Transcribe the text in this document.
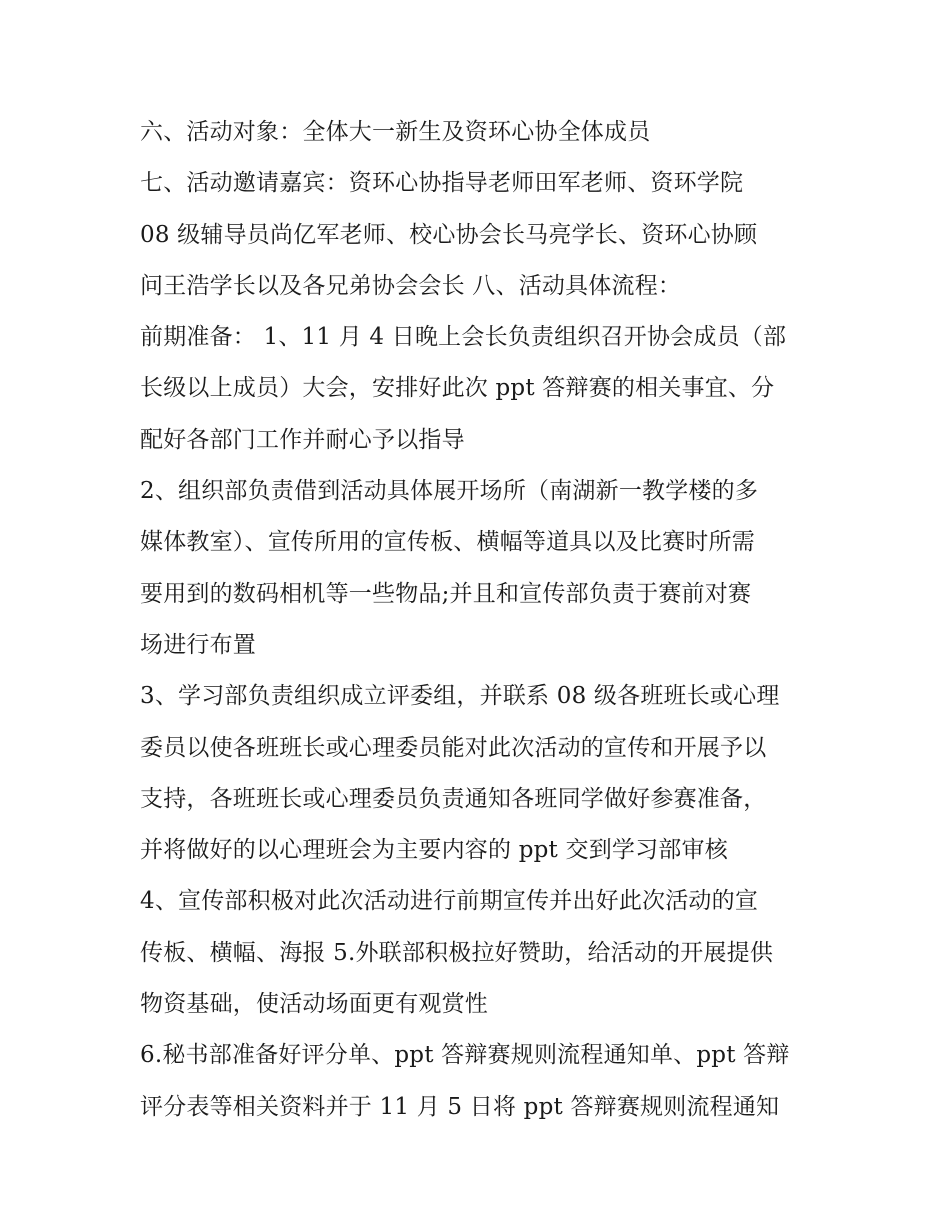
六、活动对象：全体大一新生及资环心协全体成员
七、活动邀请嘉宾：资环心协指导老师田军老师、资环学院
08 级辅导员尚亿军老师、校心协会长马亮学长、资环心协顾
问王浩学长以及各兄弟协会会长 八、活动具体流程：
前期准备： 1、11 月 4 日晚上会长负责组织召开协会成员（部
长级以上成员）大会，安排好此次 ppt 答辩赛的相关事宜、分
配好各部门工作并耐心予以指导
2、组织部负责借到活动具体展开场所（南湖新一教学楼的多
媒体教室）、宣传所用的宣传板、横幅等道具以及比赛时所需
要用到的数码相机等一些物品;并且和宣传部负责于赛前对赛
场进行布置
3、学习部负责组织成立评委组，并联系 08 级各班班长或心理
委员以使各班班长或心理委员能对此次活动的宣传和开展予以
支持，各班班长或心理委员负责通知各班同学做好参赛准备，
并将做好的以心理班会为主要内容的 ppt 交到学习部审核
4、宣传部积极对此次活动进行前期宣传并出好此次活动的宣
传板、横幅、海报 5.外联部积极拉好赞助，给活动的开展提供
物资基础，使活动场面更有观赏性
6.秘书部准备好评分单、ppt 答辩赛规则流程通知单、ppt 答辩
评分表等相关资料并于 11 月 5 日将 ppt 答辩赛规则流程通知
